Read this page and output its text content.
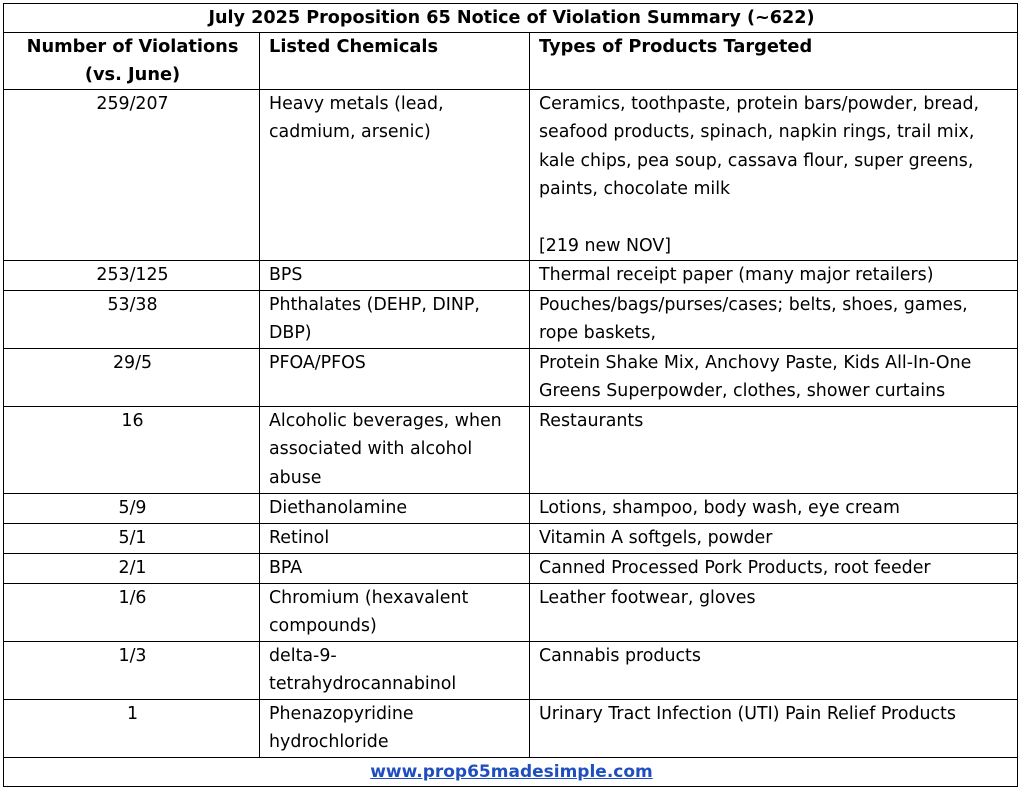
July 2025 Proposition 65 Notice of Violation Summary (~622)		
Number of Violations
(vs. June)	Listed Chemicals	Types of Products Targeted
259/207	Heavy metals (lead, cadmium, arsenic)	Ceramics, toothpaste, protein bars/powder, bread, seafood products, spinach, napkin rings, trail mix, kale chips, pea soup, cassava flour, super greens, paints, chocolate milk
[219 new NOV]

253/125	BPS	Thermal receipt paper (many major retailers)
53/38	Phthalates (DEHP, DINP, DBP)	Pouches/bags/purses/cases; belts, shoes, games, rope baskets,
29/5	PFOA/PFOS	Protein Shake Mix, Anchovy Paste, Kids All-In-One Greens Superpowder, clothes, shower curtains
16	Alcoholic beverages, when associated with alcohol abuse	Restaurants
5/9	Diethanolamine	Lotions, shampoo, body wash, eye cream
5/1	Retinol	Vitamin A softgels, powder
2/1	BPA	Canned Processed Pork Products, root feeder
1/6	Chromium (hexavalent compounds)	Leather footwear, gloves
1/3	delta-9-tetrahydrocannabinol	Cannabis products
1	Phenazopyridine hydrochloride	Urinary Tract Infection (UTI) Pain Relief Products
www.prop65madesimple.com		
